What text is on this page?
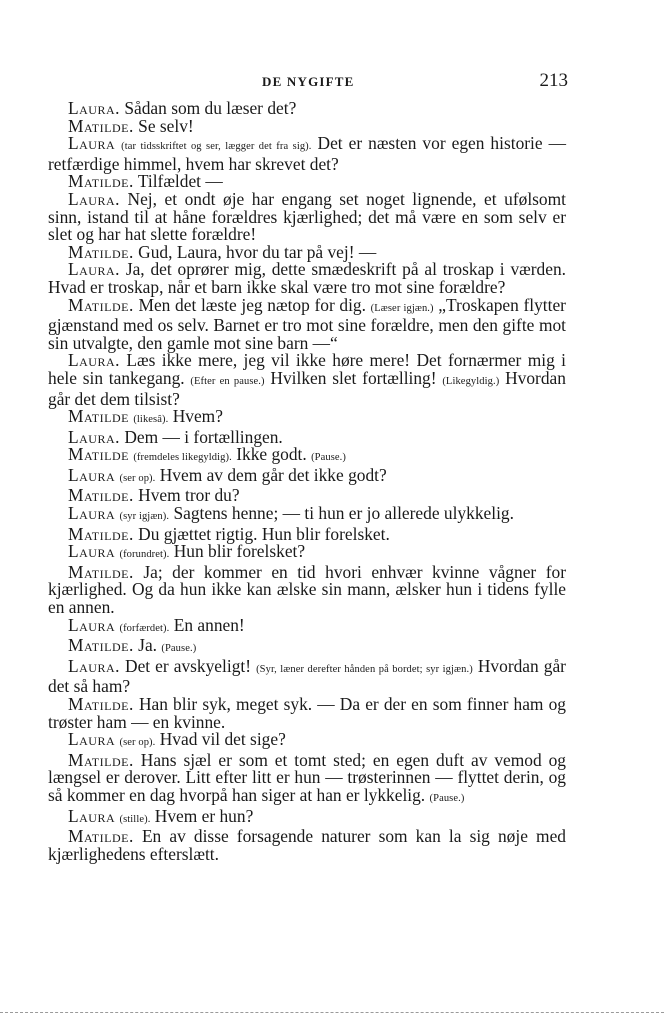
DE NYGIFTE	213

Laura. Sådan som du læser det?

Matilde. Se selv!

Laura (tar tidsskriftet og ser, lægger det fra sig). Det er næsten vor egen historie — retfærdige himmel, hvem har skrevet det?

Matilde. Tilfældet —

Laura. Nej, et ondt øje har engang set noget lignende, et ufølsomt sinn, istand til at håne forældres kjærlighed; det må være en som selv er slet og har hat slette forældre!

Matilde. Gud, Laura, hvor du tar på vej! —

Laura. Ja, det oprører mig, dette smædeskrift på al troskap i værden. Hvad er troskap, når et barn ikke skal være tro mot sine forældre?

Matilde. Men det læste jeg nætop for dig. (Læser igjæn.) „Troskapen flytter gjænstand med os selv. Barnet er tro mot sine forældre, men den gifte mot sin utvalgte, den gamle mot sine barn —“

Laura. Læs ikke mere, jeg vil ikke høre mere! Det fornærmer mig i hele sin tankegang. (Efter en pause.) Hvilken slet fortælling! (Likegyldig.) Hvordan går det dem tilsist?

Matilde (likesâ). Hvem?

Laura. Dem — i fortællingen.

Matilde (fremdeles likegyldig). Ikke godt. (Pause.)

Laura (ser op). Hvem av dem går det ikke godt?

Matilde. Hvem tror du?

Laura (syr igjæn). Sagtens henne; — ti hun er jo allerede ulykkelig.

Matilde. Du gjættet rigtig. Hun blir forelsket.

Laura (forundret). Hun blir forelsket?

Matilde. Ja; der kommer en tid hvori enhvær kvinne vågner for kjærlighed. Og da hun ikke kan ælske sin mann, ælsker hun i tidens fylle en annen.

Laura (forfærdet). En annen!

Matilde. Ja. (Pause.)

Laura. Det er avskyeligt! (Syr, læner derefter hånden på bordet; syr igjæn.) Hvordan går det så ham?

Matilde. Han blir syk, meget syk. — Da er der en som finner ham og trøster ham — en kvinne.

Laura (ser op). Hvad vil det sige?

Matilde. Hans sjæl er som et tomt sted; en egen duft av vemod og længsel er derover. Litt efter litt er hun — trøsterinnen — flyttet derin, og så kommer en dag hvorpå han siger at han er lykkelig. (Pause.)

Laura (stille). Hvem er hun?

Matilde. En av disse forsagende naturer som kan la sig nøje med kjærlighedens efterslætt.
